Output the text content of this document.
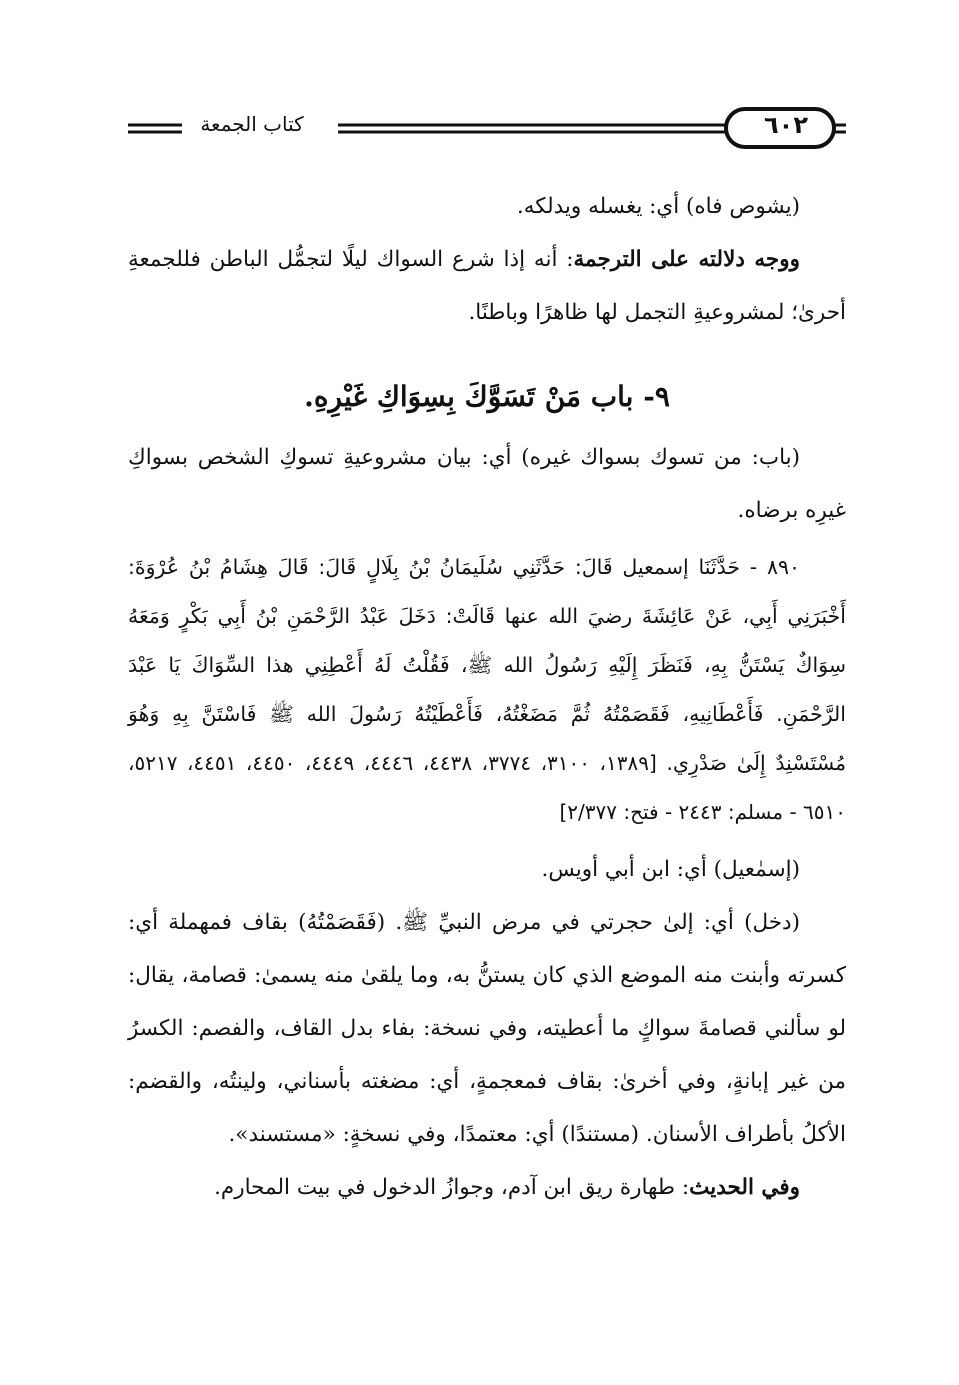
كتاب الجمعة	٦٠٢

(يشوص فاه) أي: يغسله ويدلكه.

ووجه دلالته على الترجمة: أنه إذا شرع السواك ليلًا لتجمُّل الباطن فللجمعةِ أحرىٰ؛ لمشروعيةِ التجمل لها ظاهرًا وباطنًا.

٩- باب مَنْ تَسَوَّكَ بِسِوَاكِ غَيْرِهِ.

(باب: من تسوك بسواك غيره) أي: بيان مشروعيةِ تسوكِ الشخص بسواكِ غيرِه برضاه.

٨٩٠ - حَدَّثَنَا إسمعيل قَالَ: حَدَّثَنِي سُلَيمَانُ بْنُ بِلَالٍ قَالَ: قَالَ هِشَامُ بْنُ عُرْوَةَ: أَخْبَرَنِي أَبِي، عَنْ عَائِشَةَ رضيَ الله عنها قَالَتْ: دَخَلَ عَبْدُ الرَّحْمَنِ بْنُ أَبِي بَكْرٍ وَمَعَهُ سِوَاكٌ يَسْتَنُّ بِهِ، فَنَظَرَ إِلَيْهِ رَسُولُ الله ﷺ، فَقُلْتُ لَهُ أَعْطِنِي هذا السِّوَاكَ يَا عَبْدَ الرَّحْمَنِ. فَأَعْطَانِيهِ، فَقَصَمْتُهُ ثُمَّ مَضَغْتُهُ، فَأَعْطَيْتُهُ رَسُولَ الله ﷺ فَاسْتَنَّ بِهِ وَهُوَ مُسْتَسْنِدٌ إِلَىٰ صَدْرِي. [١٣٨٩، ٣١٠٠، ٣٧٧٤، ٤٤٣٨، ٤٤٤٦، ٤٤٤٩، ٤٤٥٠، ٤٤٥١، ٥٢١٧، ٦٥١٠ - مسلم: ٢٤٤٣ - فتح: ٢/٣٧٧]

(إسمٰعيل) أي: ابن أبي أويس.

(دخل) أي: إلىٰ حجرتي في مرض النبيِّ ﷺ. (فَقَصَمْتُهُ) بقاف فمهملة أي: كسرته وأبنت منه الموضع الذي كان يستنُّ به، وما يلقىٰ منه يسمىٰ: قصامة، يقال: لو سألني قصامةَ سواكٍ ما أعطيته، وفي نسخة: بفاء بدل القاف، والفصم: الكسرُ من غير إبانةٍ، وفي أخرىٰ: بقاف فمعجمةٍ، أي: مضغته بأسناني، ولينتُه، والقضم: الأكلُ بأطراف الأسنان. (مستندًا) أي: معتمدًا، وفي نسخةٍ: «مستسند».

وفي الحديث: طهارة ريق ابن آدم، وجوازُ الدخول في بيت المحارم.
